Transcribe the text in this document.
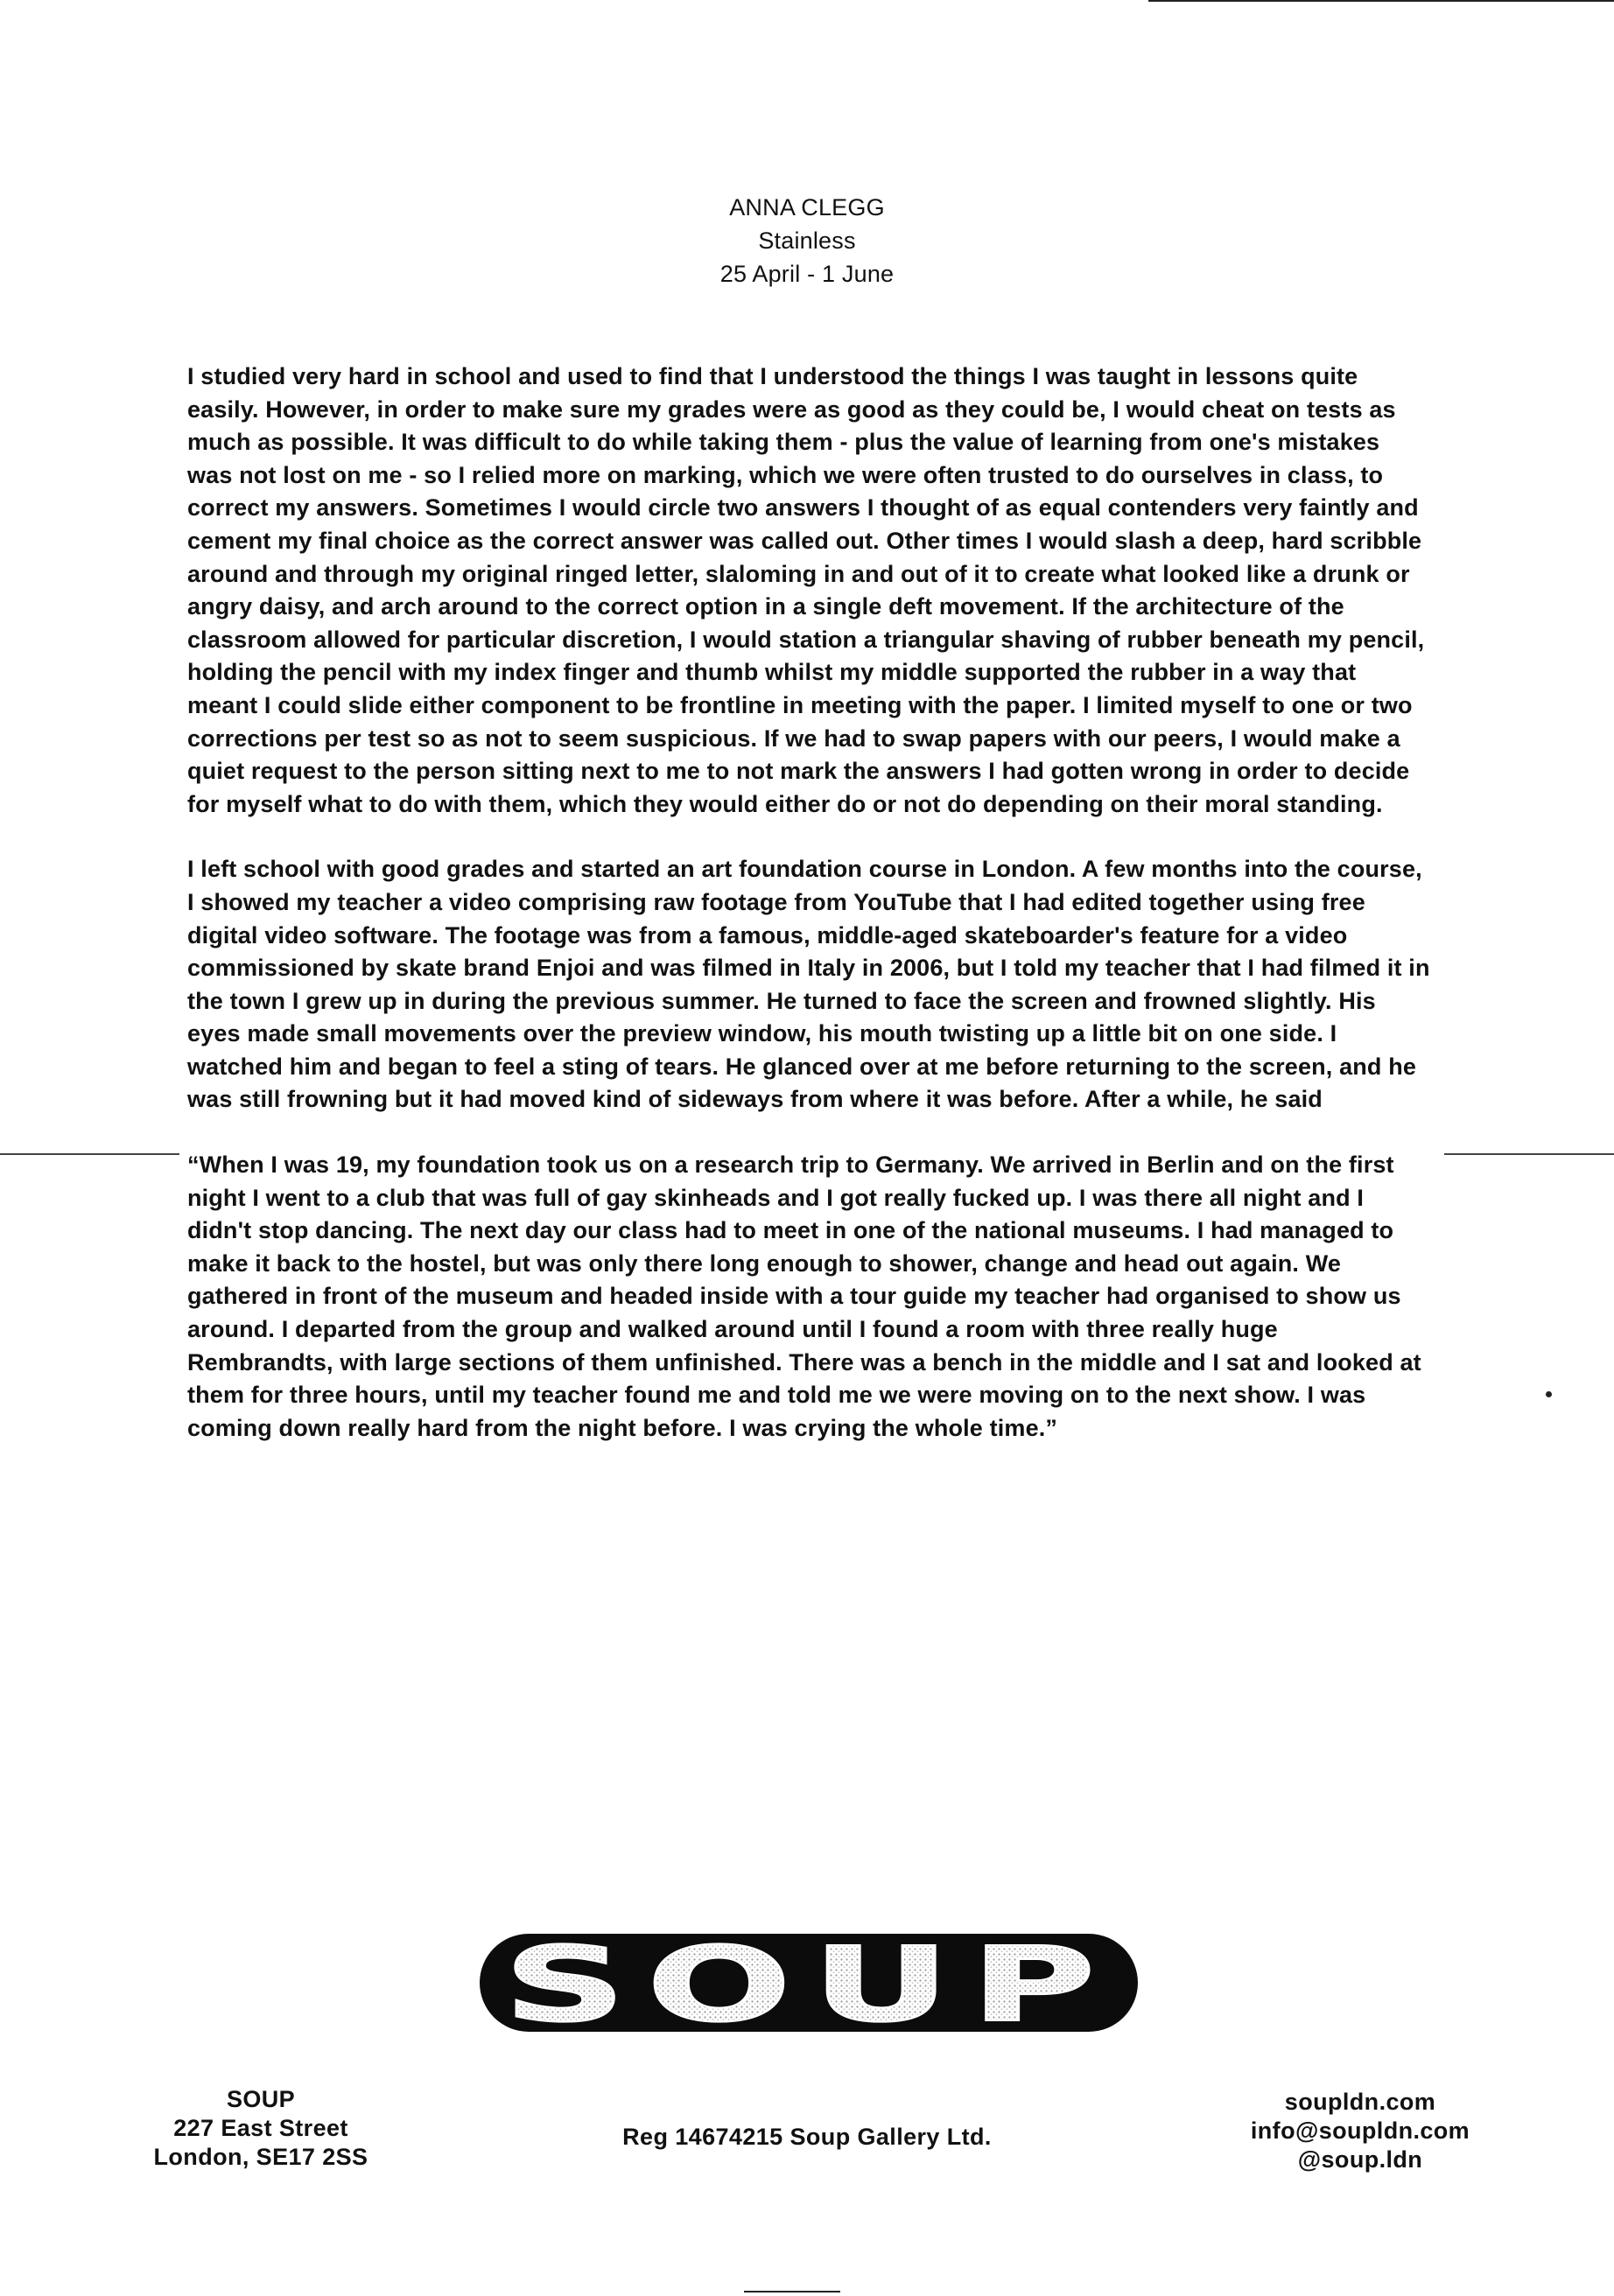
ANNA CLEGG
Stainless
25 April - 1 June

I studied very hard in school and used to find that I understood the things I was taught in lessons quite easily. However, in order to make sure my grades were as good as they could be, I would cheat on tests as much as possible. It was difficult to do while taking them - plus the value of learning from one's mistakes was not lost on me - so I relied more on marking, which we were often trusted to do ourselves in class, to correct my answers. Sometimes I would circle two answers I thought of as equal contenders very faintly and cement my final choice as the correct answer was called out. Other times I would slash a deep, hard scribble around and through my original ringed letter, slaloming in and out of it to create what looked like a drunk or angry daisy, and arch around to the correct option in a single deft movement. If the architecture of the classroom allowed for particular discretion, I would station a triangular shaving of rubber beneath my pencil, holding the pencil with my index finger and thumb whilst my middle supported the rubber in a way that meant I could slide either component to be frontline in meeting with the paper. I limited myself to one or two corrections per test so as not to seem suspicious. If we had to swap papers with our peers, I would make a quiet request to the person sitting next to me to not mark the answers I had gotten wrong in order to decide for myself what to do with them, which they would either do or not do depending on their moral standing.

I left school with good grades and started an art foundation course in London. A few months into the course, I showed my teacher a video comprising raw footage from YouTube that I had edited together using free digital video software. The footage was from a famous, middle-aged skateboarder's feature for a video commissioned by skate brand Enjoi and was filmed in Italy in 2006, but I told my teacher that I had filmed it in the town I grew up in during the previous summer. He turned to face the screen and frowned slightly. His eyes made small movements over the preview window, his mouth twisting up a little bit on one side. I watched him and began to feel a sting of tears. He glanced over at me before returning to the screen, and he was still frowning but it had moved kind of sideways from where it was before. After a while, he said

“When I was 19, my foundation took us on a research trip to Germany. We arrived in Berlin and on the first night I went to a club that was full of gay skinheads and I got really fucked up. I was there all night and I didn't stop dancing. The next day our class had to meet in one of the national museums. I had managed to make it back to the hostel, but was only there long enough to shower, change and head out again. We gathered in front of the museum and headed inside with a tour guide my teacher had organised to show us around. I departed from the group and walked around until I found a room with three really huge Rembrandts, with large sections of them unfinished. There was a bench in the middle and I sat and looked at them for three hours, until my teacher found me and told me we were moving on to the next show. I was coming down really hard from the night before. I was crying the whole time.”

SOUP
SOUP
227 East Street
London, SE17 2SS
Reg 14674215 Soup Gallery Ltd.
soupldn.com
info@soupldn.com
@soup.ldn
